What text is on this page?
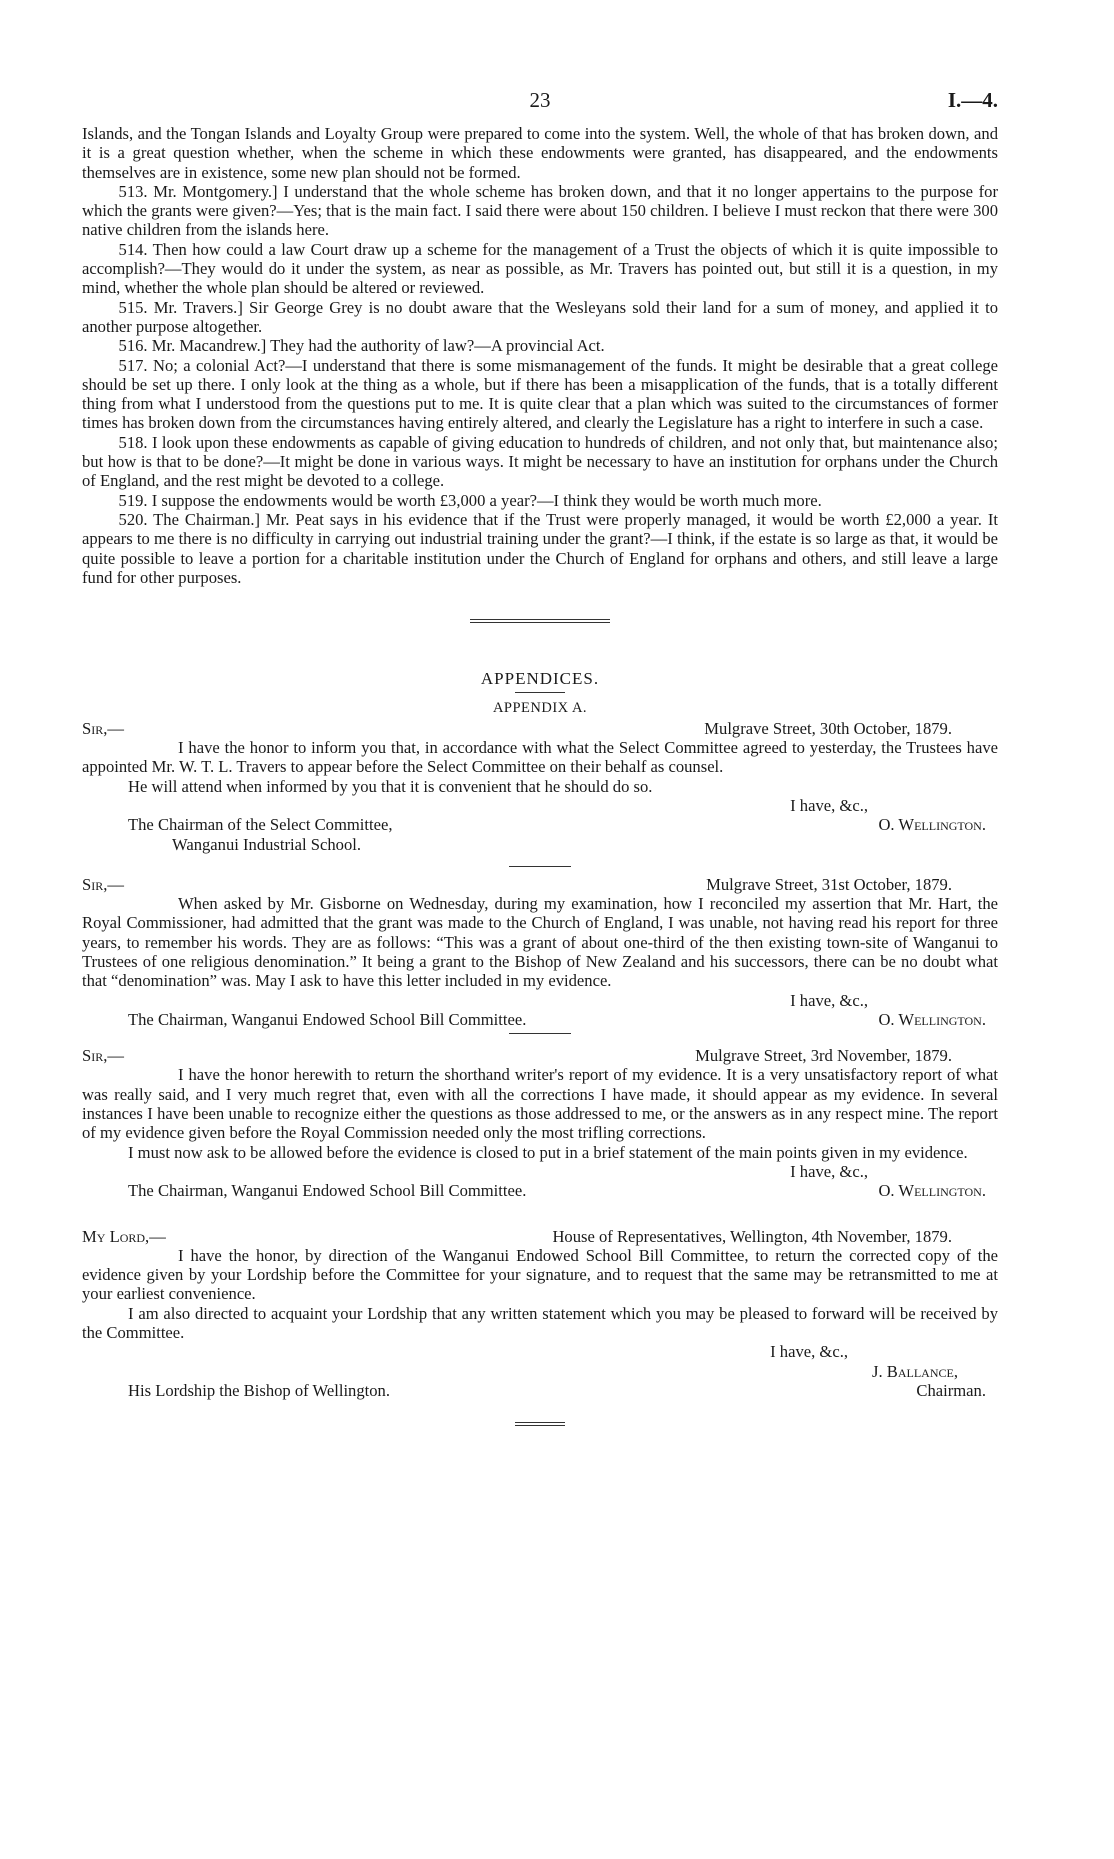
23	I.—4.

Islands, and the Tongan Islands and Loyalty Group were prepared to come into the system. Well, the whole of that has broken down, and it is a great question whether, when the scheme in which these endowments were granted, has disappeared, and the endowments themselves are in existence, some new plan should not be formed.

513. Mr. Montgomery.] I understand that the whole scheme has broken down, and that it no longer appertains to the purpose for which the grants were given?—Yes; that is the main fact. I said there were about 150 children. I believe I must reckon that there were 300 native children from the islands here.

514. Then how could a law Court draw up a scheme for the management of a Trust the objects of which it is quite impossible to accomplish?—They would do it under the system, as near as possible, as Mr. Travers has pointed out, but still it is a question, in my mind, whether the whole plan should be altered or reviewed.

515. Mr. Travers.] Sir George Grey is no doubt aware that the Wesleyans sold their land for a sum of money, and applied it to another purpose altogether.

516. Mr. Macandrew.] They had the authority of law?—A provincial Act.

517. No; a colonial Act?—I understand that there is some mismanagement of the funds. It might be desirable that a great college should be set up there. I only look at the thing as a whole, but if there has been a misapplication of the funds, that is a totally different thing from what I understood from the questions put to me. It is quite clear that a plan which was suited to the circumstances of former times has broken down from the circumstances having entirely altered, and clearly the Legislature has a right to interfere in such a case.

518. I look upon these endowments as capable of giving education to hundreds of children, and not only that, but maintenance also; but how is that to be done?—It might be done in various ways. It might be necessary to have an institution for orphans under the Church of England, and the rest might be devoted to a college.

519. I suppose the endowments would be worth £3,000 a year?—I think they would be worth much more.

520. The Chairman.] Mr. Peat says in his evidence that if the Trust were properly managed, it would be worth £2,000 a year. It appears to me there is no difficulty in carrying out industrial training under the grant?—I think, if the estate is so large as that, it would be quite possible to leave a portion for a charitable institution under the Church of England for orphans and others, and still leave a large fund for other purposes.

APPENDICES.
APPENDIX A.
Sir,—	Mulgrave Street, 30th October, 1879.

I have the honor to inform you that, in accordance with what the Select Committee agreed to yesterday, the Trustees have appointed Mr. W. T. L. Travers to appear before the Select Committee on their behalf as counsel.

He will attend when informed by you that it is convenient that he should do so.

I have, &c.,
The Chairman of the Select Committee,	O. Wellington.
Wanganui Industrial School.
Sir,—	Mulgrave Street, 31st October, 1879.

When asked by Mr. Gisborne on Wednesday, during my examination, how I reconciled my assertion that Mr. Hart, the Royal Commissioner, had admitted that the grant was made to the Church of England, I was unable, not having read his report for three years, to remember his words. They are as follows: “This was a grant of about one-third of the then existing town-site of Wanganui to Trustees of one religious denomination.” It being a grant to the Bishop of New Zealand and his successors, there can be no doubt what that “denomination” was. May I ask to have this letter included in my evidence.

I have, &c.,
The Chairman, Wanganui Endowed School Bill Committee.	O. Wellington.
Sir,—	Mulgrave Street, 3rd November, 1879.

I have the honor herewith to return the shorthand writer's report of my evidence. It is a very unsatisfactory report of what was really said, and I very much regret that, even with all the corrections I have made, it should appear as my evidence. In several instances I have been unable to recognize either the questions as those addressed to me, or the answers as in any respect mine. The report of my evidence given before the Royal Commission needed only the most trifling corrections.

I must now ask to be allowed before the evidence is closed to put in a brief statement of the main points given in my evidence.

I have, &c.,
The Chairman, Wanganui Endowed School Bill Committee.	O. Wellington.
My Lord,—	House of Representatives, Wellington, 4th November, 1879.

I have the honor, by direction of the Wanganui Endowed School Bill Committee, to return the corrected copy of the evidence given by your Lordship before the Committee for your signature, and to request that the same may be retransmitted to me at your earliest convenience.

I am also directed to acquaint your Lordship that any written statement which you may be pleased to forward will be received by the Committee.

I have, &c.,
J. Ballance,
His Lordship the Bishop of Wellington.	Chairman.
